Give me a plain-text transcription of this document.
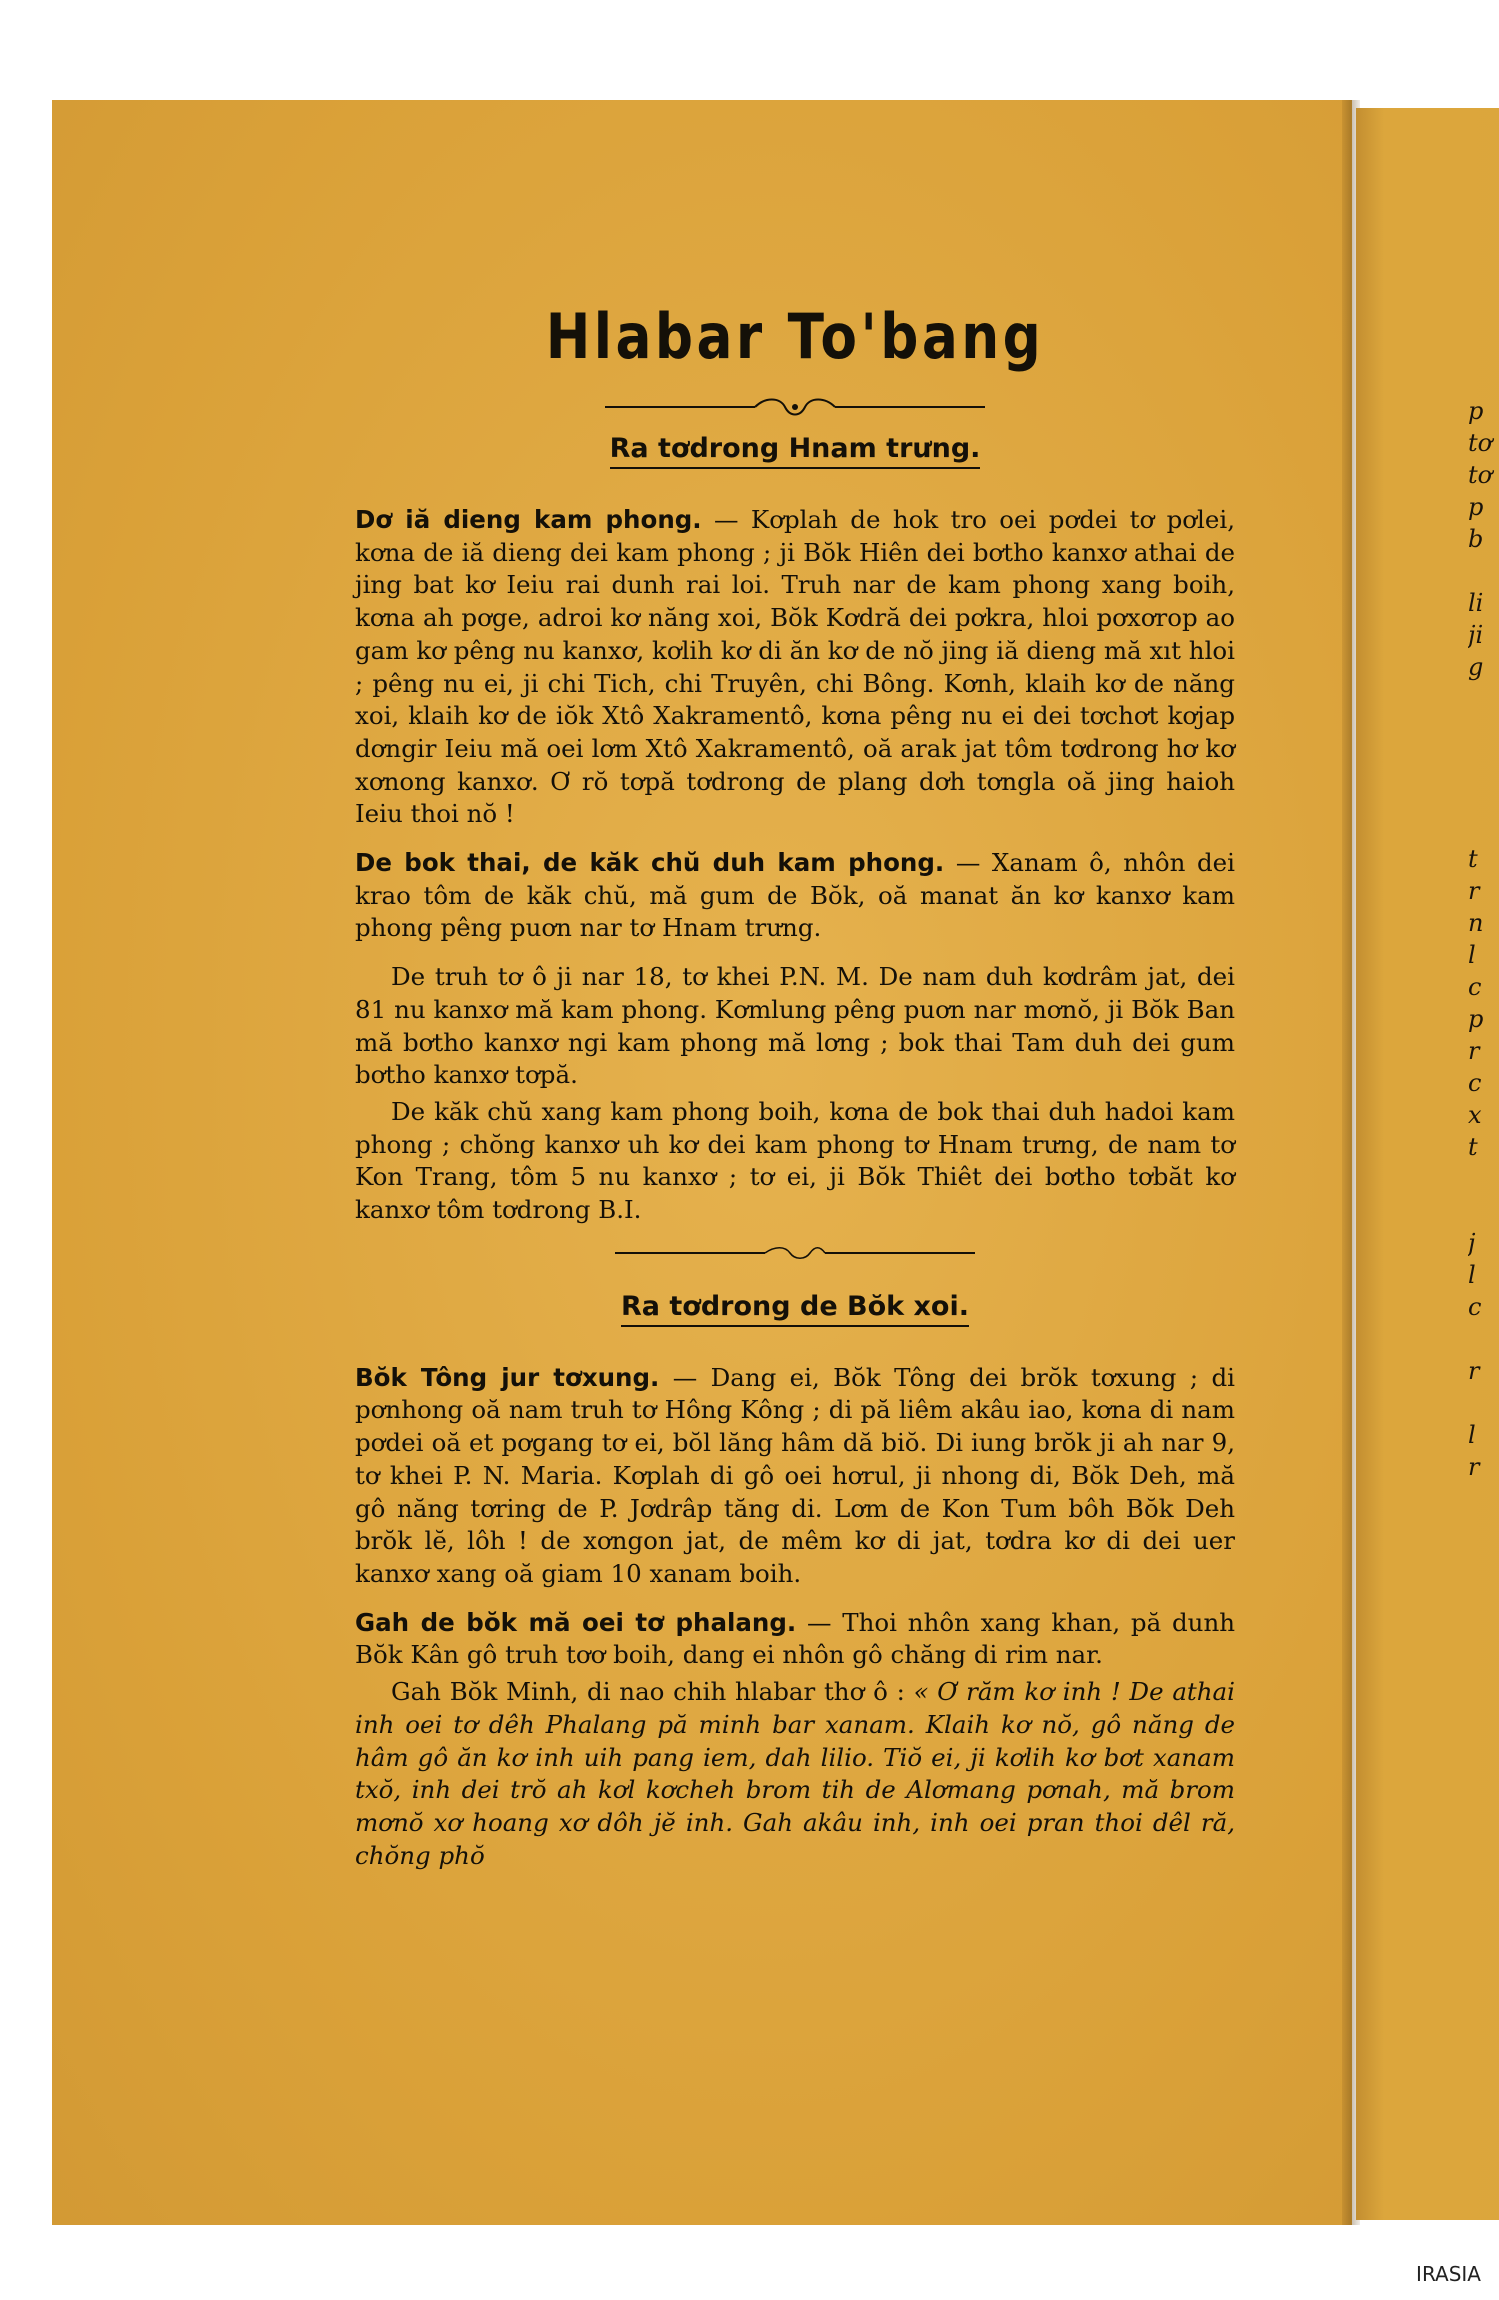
p
tơ
tơ
p
b
li
ji
g
t
r
n
l
c
p
r
c
x
t
j
l
c
r
l
r
Hlabar To'bang
Ra tơdrong Hnam trưng.

Dơ iă dieng kam phong. — Kơplah de hok tro oei pơdei tơ pơlei, kơna de iă dieng dei kam phong ; ji Bŏk Hiên dei bơtho kanxơ athai de jing bat kơ Ieiu rai dunh rai loi. Truh nar de kam phong xang boih, kơna ah pơge, adroi kơ năng xoi, Bŏk Kơdră dei pơkra, hloi pơxơrop ao gam kơ pêng nu kanxơ, kơlih kơ di ăn kơ de nŏ jing iă dieng mă xıt hloi ; pêng nu ei, ji chi Tich, chi Truyên, chi Bông. Kơnh, klaih kơ de năng xoi, klaih kơ de iŏk Xtô Xakramentô, kơna pêng nu ei dei tơchơt kơjap dơngir Ieiu mă oei lơm Xtô Xakramentô, oă arak jat tôm tơdrong hơ kơ xơnong kanxơ. Ơ rŏ tơpă tơdrong de plang dơh tơngla oă jing haioh Ieiu thoi nŏ !

De bok thai, de kăk chŭ duh kam phong. — Xanam ô, nhôn dei krao tôm de kăk chŭ, mă gum de Bŏk, oă manat ăn kơ kanxơ kam phong pêng puơn nar tơ Hnam trưng.

De truh tơ ô ji nar 18, tơ khei P.N. M. De nam duh kơdrâm jat, dei 81 nu kanxơ mă kam phong. Kơmlung pêng puơn nar mơnŏ, ji Bŏk Ban mă bơtho kanxơ ngi kam phong mă lơng ; bok thai Tam duh dei gum bơtho kanxơ tơpă.

De kăk chŭ xang kam phong boih, kơna de bok thai duh hadoi kam phong ; chŏng kanxơ uh kơ dei kam phong tơ Hnam trưng, de nam tơ Kon Trang, tôm 5 nu kanxơ ; tơ ei, ji Bŏk Thiêt dei bơtho tơbăt kơ kanxơ tôm tơdrong B.I.

Ra tơdrong de Bŏk xoi.

Bŏk Tông jur tơxung. — Dang ei, Bŏk Tông dei brŏk tơxung ; di pơnhong oă nam truh tơ Hông Kông ; di pă liêm akâu iao, kơna di nam pơdei oă et pơgang tơ ei, bŏl lăng hâm dă biŏ. Di iung brŏk ji ah nar 9, tơ khei P. N. Maria. Kơplah di gô oei hơrul, ji nhong di, Bŏk Deh, mă gô năng tơring de P. Jơdrâp tăng di. Lơm de Kon Tum bôh Bŏk Deh brŏk lĕ, lôh ! de xơngon jat, de mêm kơ di jat, tơdra kơ di dei uer kanxơ xang oă giam 10 xanam boih.

Gah de bŏk mă oei tơ phalang. — Thoi nhôn xang khan, pă dunh Bŏk Kân gô truh tơơ boih, dang ei nhôn gô chăng di rim nar.

Gah Bŏk Minh, di nao chih hlabar thơ ô : « Ơ răm kơ inh ! De athai inh oei tơ dêh Phalang pă minh bar xanam. Klaih kơ nŏ, gô năng de hâm gô ăn kơ inh uih pang iem, dah lilio. Tiŏ ei, ji kơlih kơ bơt xanam txŏ, inh dei trŏ ah kơl kơcheh brom tih de Alơmang pơnah, mă brom mơnŏ xơ hoang xơ dôh jĕ inh. Gah akâu inh, inh oei pran thoi dêl ră, chŏng phŏ

IRASIA
